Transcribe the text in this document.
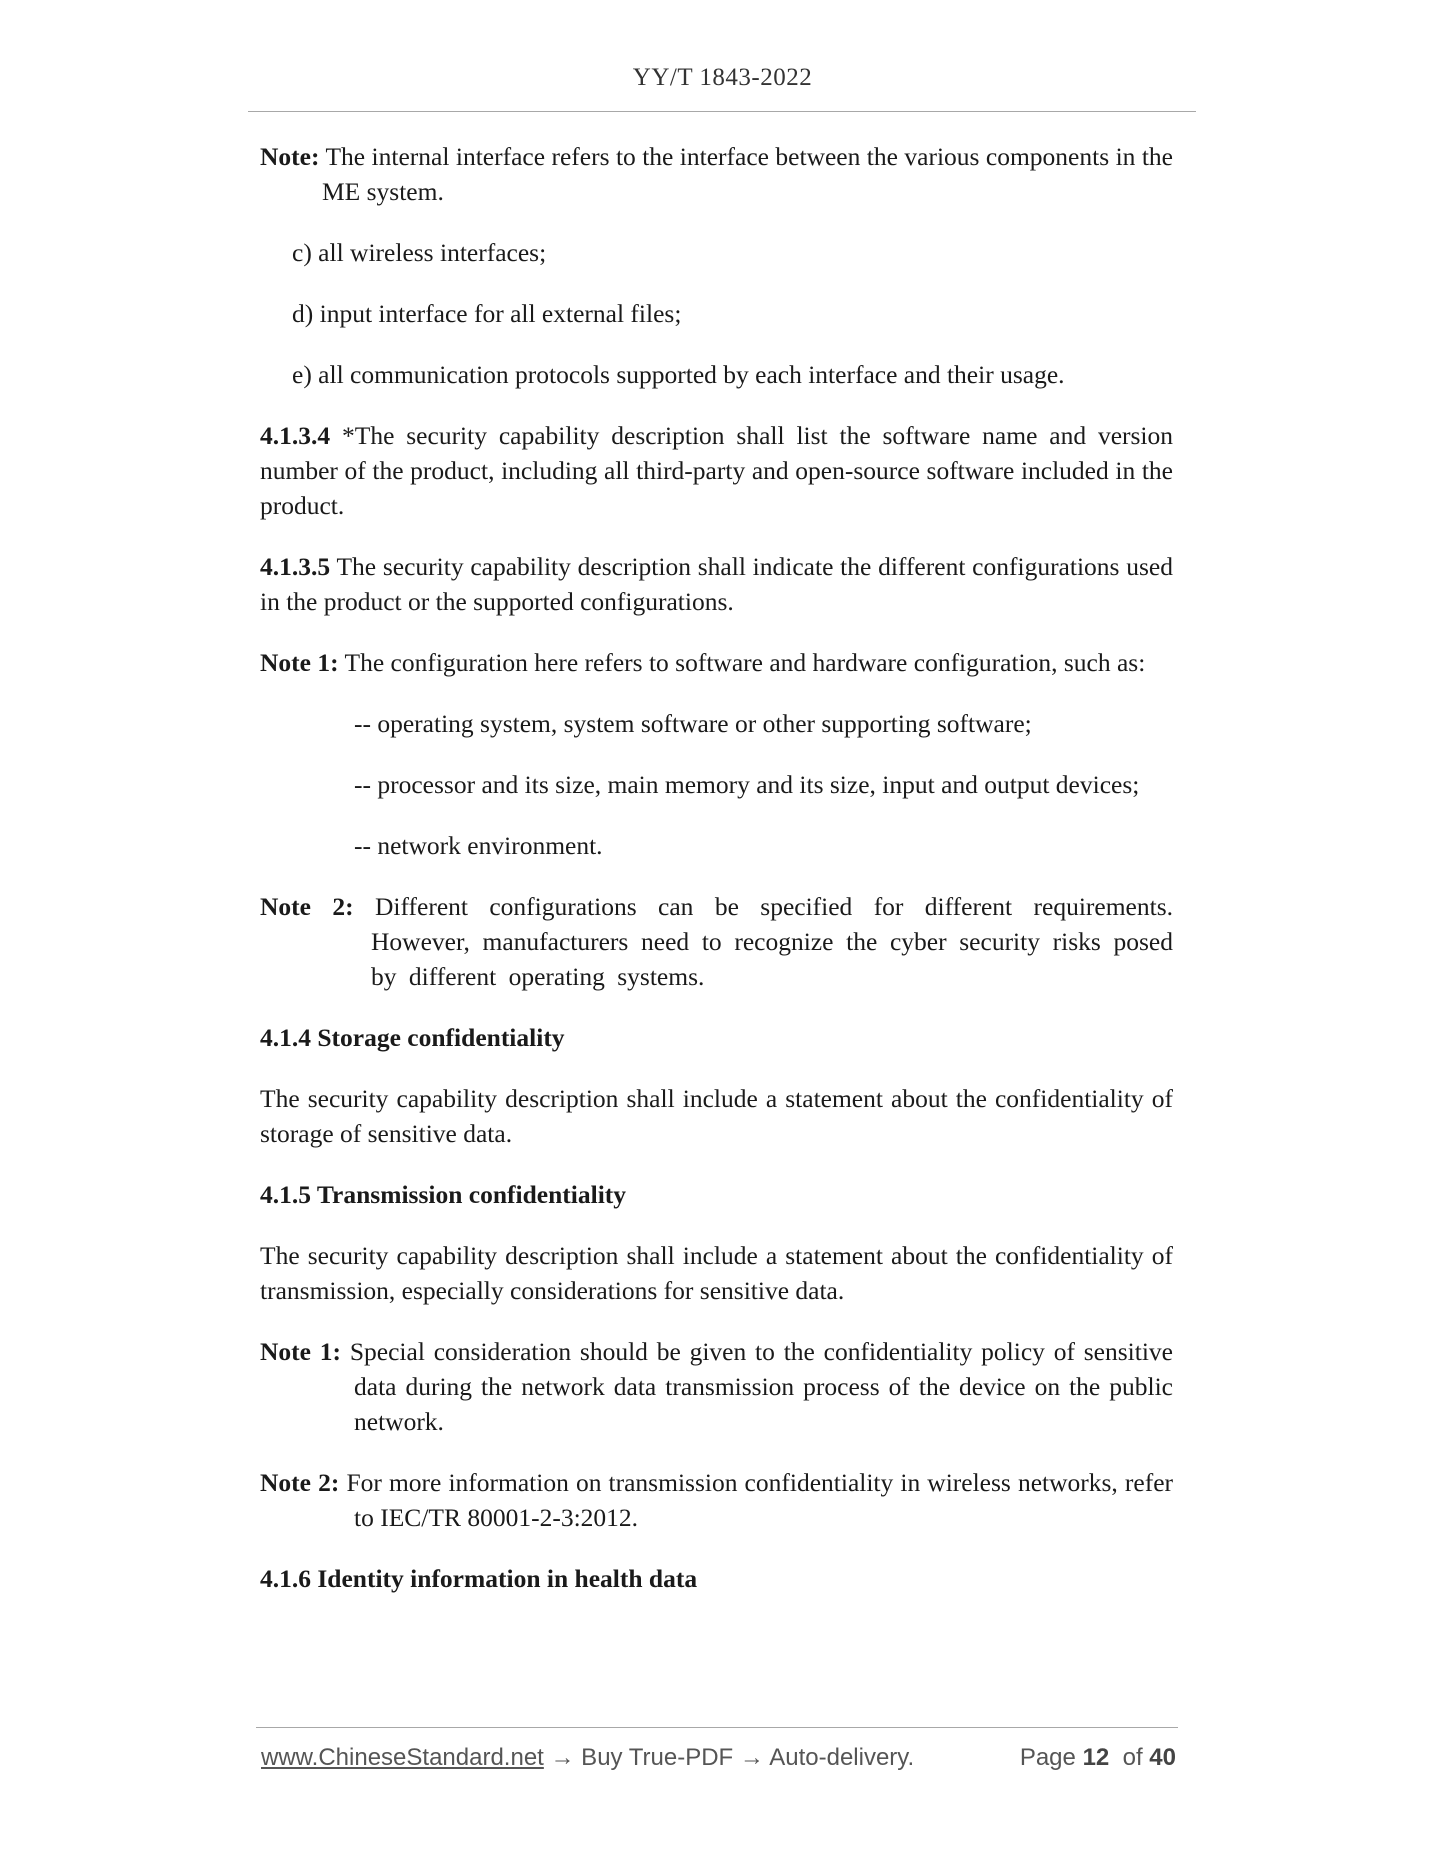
YY/T 1843-2022

Note: The internal interface refers to the interface between the various components in the ME system.

c) all wireless interfaces;

d) input interface for all external files;

e) all communication protocols supported by each interface and their usage.

4.1.3.4 *The security capability description shall list the software name and version number of the product, including all third-party and open-source software included in the product.

4.1.3.5 The security capability description shall indicate the different configurations used in the product or the supported configurations.

Note 1: The configuration here refers to software and hardware configuration, such as:

-- operating system, system software or other supporting software;

-- processor and its size, main memory and its size, input and output devices;

-- network environment.

Note 2: Different configurations can be specified for different requirements. However, manufacturers need to recognize the cyber security risks posed by different operating systems.

4.1.4 Storage confidentiality

The security capability description shall include a statement about the confidentiality of storage of sensitive data.

4.1.5 Transmission confidentiality

The security capability description shall include a statement about the confidentiality of transmission, especially considerations for sensitive data.

Note 1: Special consideration should be given to the confidentiality policy of sensitive data during the network data transmission process of the device on the public network.

Note 2: For more information on transmission confidentiality in wireless networks, refer to IEC/TR 80001-2-3:2012.

4.1.6 Identity information in health data

www.ChineseStandard.net → Buy True-PDF → Auto-delivery.	Page 12 of 40
